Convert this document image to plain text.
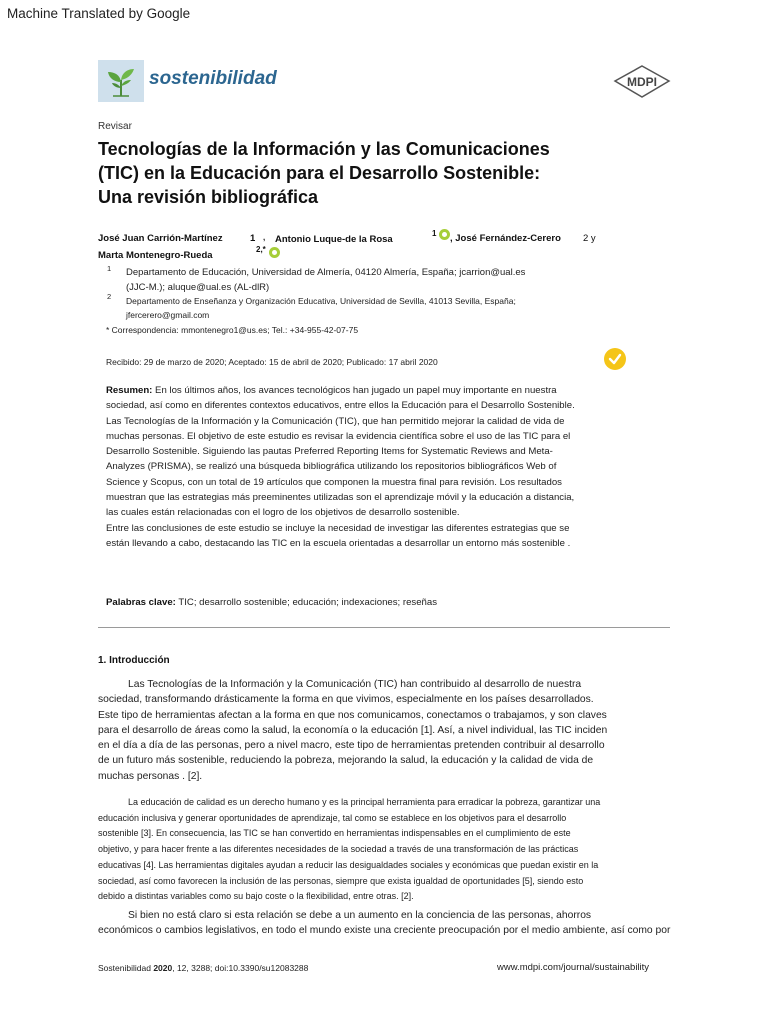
Machine Translated by Google
sostenibilidad	MDPI
Revisar
Tecnologías de la Información y las Comunicaciones
(TIC) en la Educación para el Desarrollo Sostenible:
Una revisión bibliográfica
José Juan Carrión-Martínez	1 , Antonio Luque-de la Rosa
1 , José Fernández-Cerero 2 y
2,*
Marta Montenegro-Rueda
1 Departamento de Educación, Universidad de Almería, 04120 Almería, España; jcarrion@ual.es
(JJC-M.); aluque@ual.es (AL-dlR)
2 Departamento de Enseñanza y Organización Educativa, Universidad de Sevilla, 41013 Sevilla, España;
jfercerero@gmail.com
* Correspondencia: mmontenegro1@us.es; Tel.: +34-955-42-07-75
Recibido: 29 de marzo de 2020; Aceptado: 15 de abril de 2020; Publicado: 17 abril 2020
Resumen: En los últimos años, los avances tecnológicos han jugado un papel muy importante en nuestra
sociedad, así como en diferentes contextos educativos, entre ellos la Educación para el Desarrollo Sostenible.
Las Tecnologías de la Información y la Comunicación (TIC), que han permitido mejorar la calidad de vida de
muchas personas. El objetivo de este estudio es revisar la evidencia científica sobre el uso de las TIC para el
Desarrollo Sostenible. Siguiendo las pautas Preferred Reporting Items for Systematic Reviews and Meta-
Analyzes (PRISMA), se realizó una búsqueda bibliográfica utilizando los repositorios bibliográficos Web of
Science y Scopus, con un total de 19 artículos que componen la muestra final para revisión. Los resultados
muestran que las estrategias más preeminentes utilizadas son el aprendizaje móvil y la educación a distancia,
las cuales están relacionadas con el logro de los objetivos de desarrollo sostenible.
Entre las conclusiones de este estudio se incluye la necesidad de investigar las diferentes estrategias que se
están llevando a cabo, destacando las TIC en la escuela orientadas a desarrollar un entorno más sostenible .
Palabras clave: TIC; desarrollo sostenible; educación; indexaciones; reseñas
1. Introducción
Las Tecnologías de la Información y la Comunicación (TIC) han contribuido al desarrollo de nuestra
sociedad, transformando drásticamente la forma en que vivimos, especialmente en los países desarrollados.
Este tipo de herramientas afectan a la forma en que nos comunicamos, conectamos o trabajamos, y son claves
para el desarrollo de áreas como la salud, la economía o la educación [1]. Así, a nivel individual, las TIC inciden
en el día a día de las personas, pero a nivel macro, este tipo de herramientas pretenden contribuir al desarrollo
de un futuro más sostenible, reduciendo la pobreza, mejorando la salud, la educación y la calidad de vida de
muchas personas . [2].
La educación de calidad es un derecho humano y es la principal herramienta para erradicar la pobreza, garantizar una
educación inclusiva y generar oportunidades de aprendizaje, tal como se establece en los objetivos para el desarrollo
sostenible [3]. En consecuencia, las TIC se han convertido en herramientas indispensables en el cumplimiento de este
objetivo, y para hacer frente a las diferentes necesidades de la sociedad a través de una transformación de las prácticas
educativas [4]. Las herramientas digitales ayudan a reducir las desigualdades sociales y económicas que puedan existir en la
sociedad, así como favorecen la inclusión de las personas, siempre que exista igualdad de oportunidades [5], siendo esto
debido a distintas variables como su bajo coste o la flexibilidad, entre otras. [2].
Si bien no está claro si esta relación se debe a un aumento en la conciencia de las personas, ahorros
económicos o cambios legislativos, en todo el mundo existe una creciente preocupación por el medio ambiente, así como por
Sostenibilidad 2020, 12, 3288; doi:10.3390/su12083288	www.mdpi.com/journal/sustainability
